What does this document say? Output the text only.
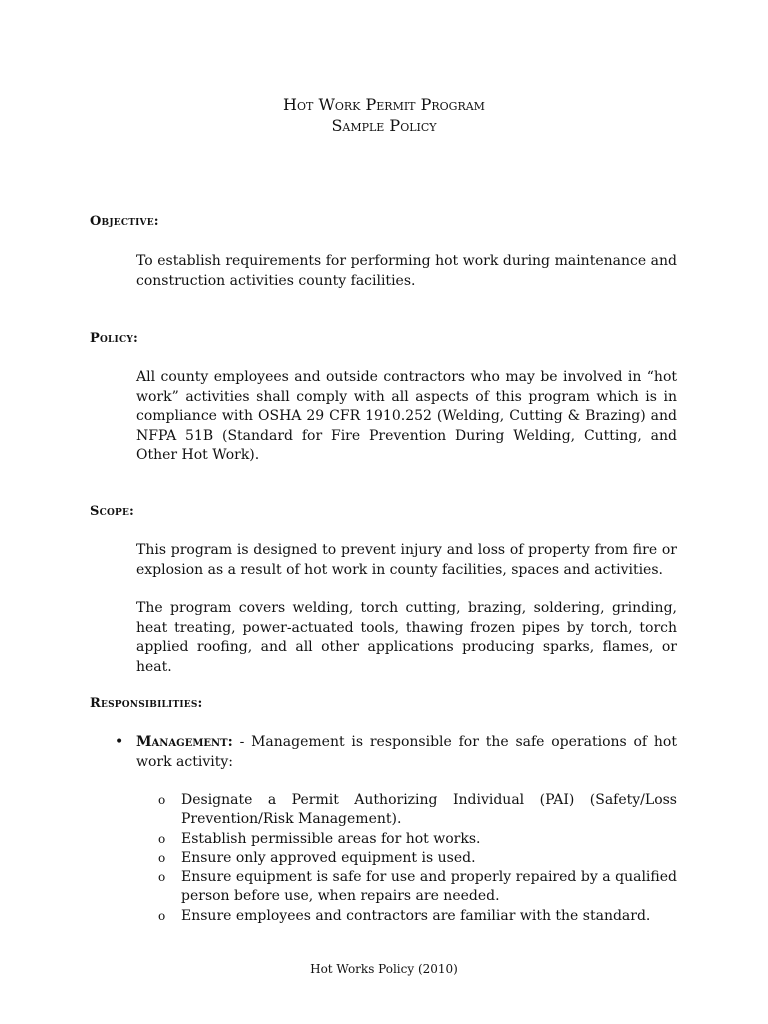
Hot Work Permit Program
Sample Policy
Objective:
To establish requirements for performing hot work during maintenance and construction activities county facilities.
Policy:
All county employees and outside contractors who may be involved in “hot work” activities shall comply with all aspects of this program which is in compliance with OSHA 29 CFR 1910.252 (Welding, Cutting & Brazing) and NFPA 51B (Standard for Fire Prevention During Welding, Cutting, and Other Hot Work).
Scope:
This program is designed to prevent injury and loss of property from fire or explosion as a result of hot work in county facilities, spaces and activities.
The program covers welding, torch cutting, brazing, soldering, grinding, heat treating, power-actuated tools, thawing frozen pipes by torch, torch applied roofing, and all other applications producing sparks, flames, or heat.
Responsibilities:
• Management: - Management is responsible for the safe operations of hot work activity:
o Designate a Permit Authorizing Individual (PAI) (Safety/Loss Prevention/Risk Management).
o Establish permissible areas for hot works.
o Ensure only approved equipment is used.
o Ensure equipment is safe for use and properly repaired by a qualified person before use, when repairs are needed.
o Ensure employees and contractors are familiar with the standard.
Hot Works Policy (2010)
